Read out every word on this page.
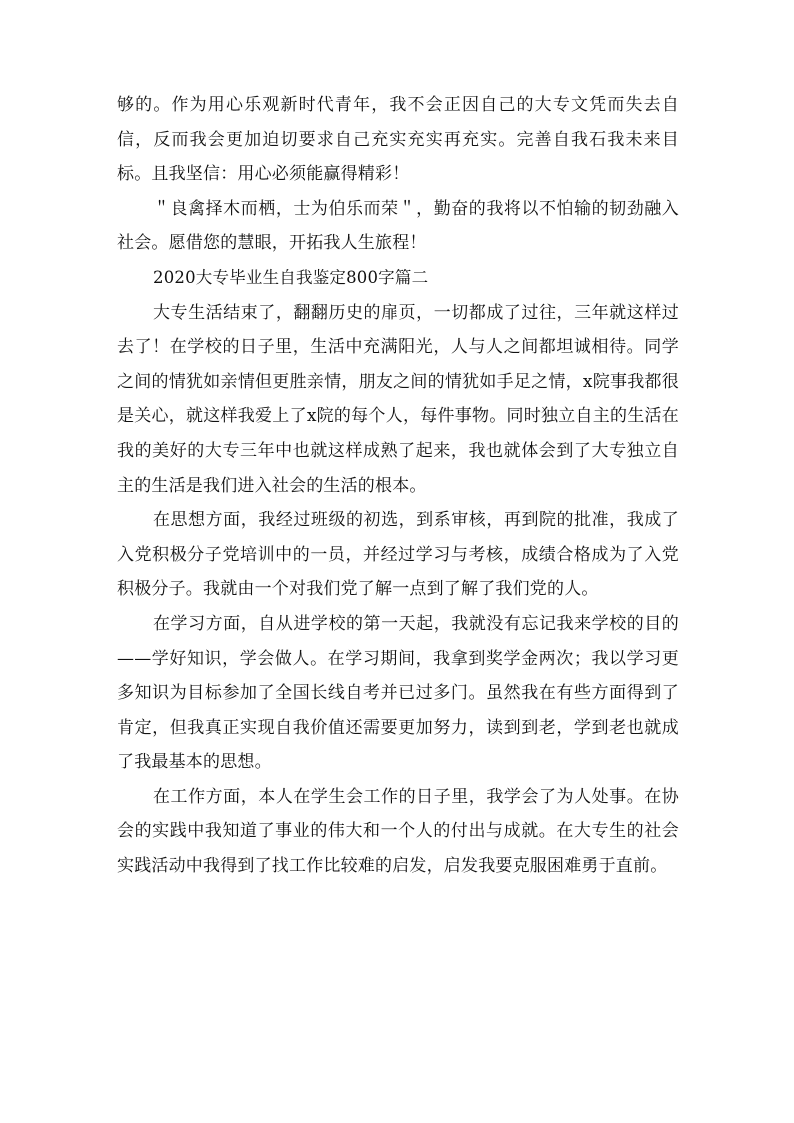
够的。作为用心乐观新时代青年，我不会正因自己的大专文凭而失去自信，反而我会更加迫切要求自己充实充实再充实。完善自我石我未来目标。且我坚信：用心必须能赢得精彩！

＂良禽择木而栖，士为伯乐而荣＂，勤奋的我将以不怕输的韧劲融入社会。愿借您的慧眼，开拓我人生旅程！

2020大专毕业生自我鉴定800字篇二

大专生活结束了，翻翻历史的扉页，一切都成了过往，三年就这样过去了！在学校的日子里，生活中充满阳光，人与人之间都坦诚相待。同学之间的情犹如亲情但更胜亲情，朋友之间的情犹如手足之情，x院事我都很是关心，就这样我爱上了x院的每个人，每件事物。同时独立自主的生活在我的美好的大专三年中也就这样成熟了起来，我也就体会到了大专独立自主的生活是我们进入社会的生活的根本。

在思想方面，我经过班级的初选，到系审核，再到院的批准，我成了入党积极分子党培训中的一员，并经过学习与考核，成绩合格成为了入党积极分子。我就由一个对我们党了解一点到了解了我们党的人。

在学习方面，自从进学校的第一天起，我就没有忘记我来学校的目的——学好知识，学会做人。在学习期间，我拿到奖学金两次；我以学习更多知识为目标参加了全国长线自考并已过多门。虽然我在有些方面得到了肯定，但我真正实现自我价值还需要更加努力，读到到老，学到老也就成了我最基本的思想。

在工作方面，本人在学生会工作的日子里，我学会了为人处事。在协会的实践中我知道了事业的伟大和一个人的付出与成就。在大专生的社会实践活动中我得到了找工作比较难的启发，启发我要克服困难勇于直前。
